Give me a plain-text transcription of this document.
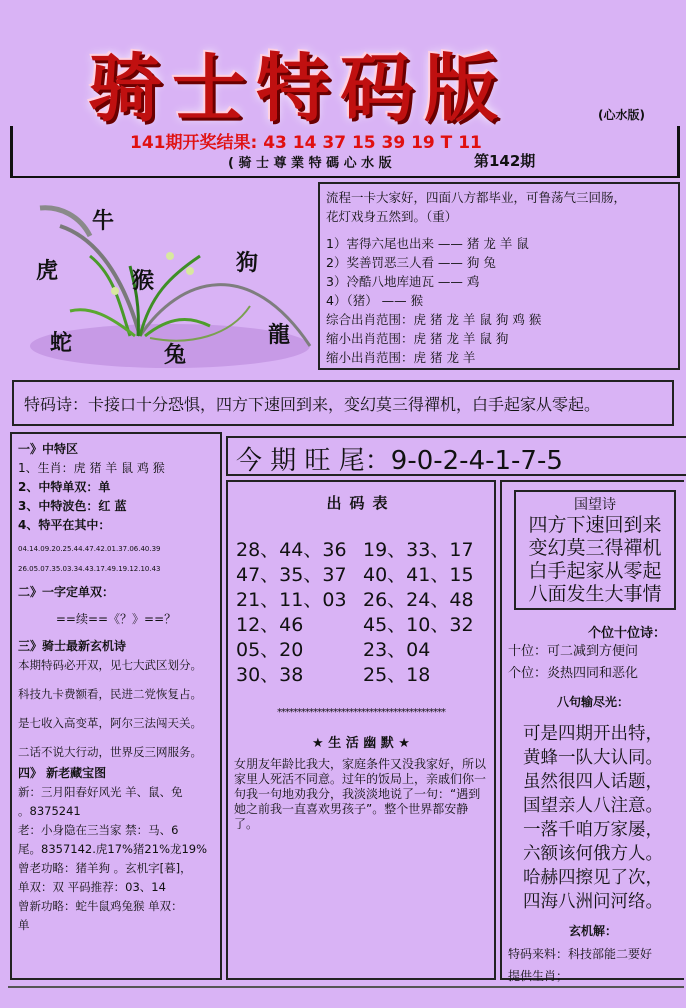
骑士特码版	(心水版)
141期开奖结果: 43 14 37 15 39 19 T 11
( 骑 士 尊 業 特 碼 心 水 版	第142期
牛
虎	猴
狗
蛇	兔
龍
流程一卡大家好，四面八方都毕业，可鲁荡气三回肠，
花灯戏身五然到。（重）
1）害得六尾也出来 —— 猪 龙 羊 鼠
2）奖善罚恶三人看 —— 狗 兔
3）冷酷八地库迪瓦 —— 鸡
4）（猪） —— 猴
综合出肖范围：虎 猪 龙 羊 鼠 狗 鸡 猴
缩小出肖范围：虎 猪 龙 羊 鼠 狗
缩小出肖范围：虎 猪 龙 羊
特码诗：卡接口十分恐惧，四方下速回到来，变幻莫三得禪机，白手起家从零起。
一》中特区
1、生肖：虎 猪 羊 鼠 鸡 猴
2、中特单双：单
3、中特波色：红 蓝
4、特平在其中：
04.14.09.20.25.44.47.42.01.37.06.40.39
26.05.07.35.03.34.43.17.49.19.12.10.43
二》一字定单双：
==续==《？》==？
三》骑士最新玄机诗
本期特码必开双，见七大武区划分。
科技九卡费额看，民进二党恢复占。
是七收入高变革，阿尔三法闯天关。
二话不说大行动，世界反三网服务。
四》 新老藏宝图
新：三月阳春好风光 羊、鼠、免
。8375241
老：小身隐在三当家 禁：马、6
尾。8357142.虎17%猪21%龙19%
曾老功略：猪羊狗 。玄机字[暮]，
单双：双 平码推荐：03、14
曾新功略：蛇牛鼠鸡兔猴 单双：
单
今 期 旺 尾：9-0-2-4-1-7-5
出码表
28、44、36 19、33、17
47、35、37 40、41、15
21、11、03 26、24、48
12、46	45、10、32
05、20	23、04
30、38	25、18
******************************************
★ 生 活 幽 默 ★
女朋友年龄比我大，家庭条件又没我家好，所以家里人死活不同意。过年的饭局上，亲戚们你一句我一句地劝我分，我淡淡地说了一句：“遇到她之前我一直喜欢男孩子”。整个世界都安静了。
国望诗
四方下速回到来
变幻莫三得禪机
白手起家从零起
八面发生大事情
个位十位诗：
十位：可二减到方便问
个位：炎热四同和恶化
八句输尽光：
可是四期开出特，
黄蜂一队大认同。
虽然很四人话题，
国望亲人八注意。
一落千咱万家屡，
六额该何俄方人。
哈赫四擦见了次，
四海八洲问河络。
玄机解：
特码来料：科技部能二要好
提供生肖；
